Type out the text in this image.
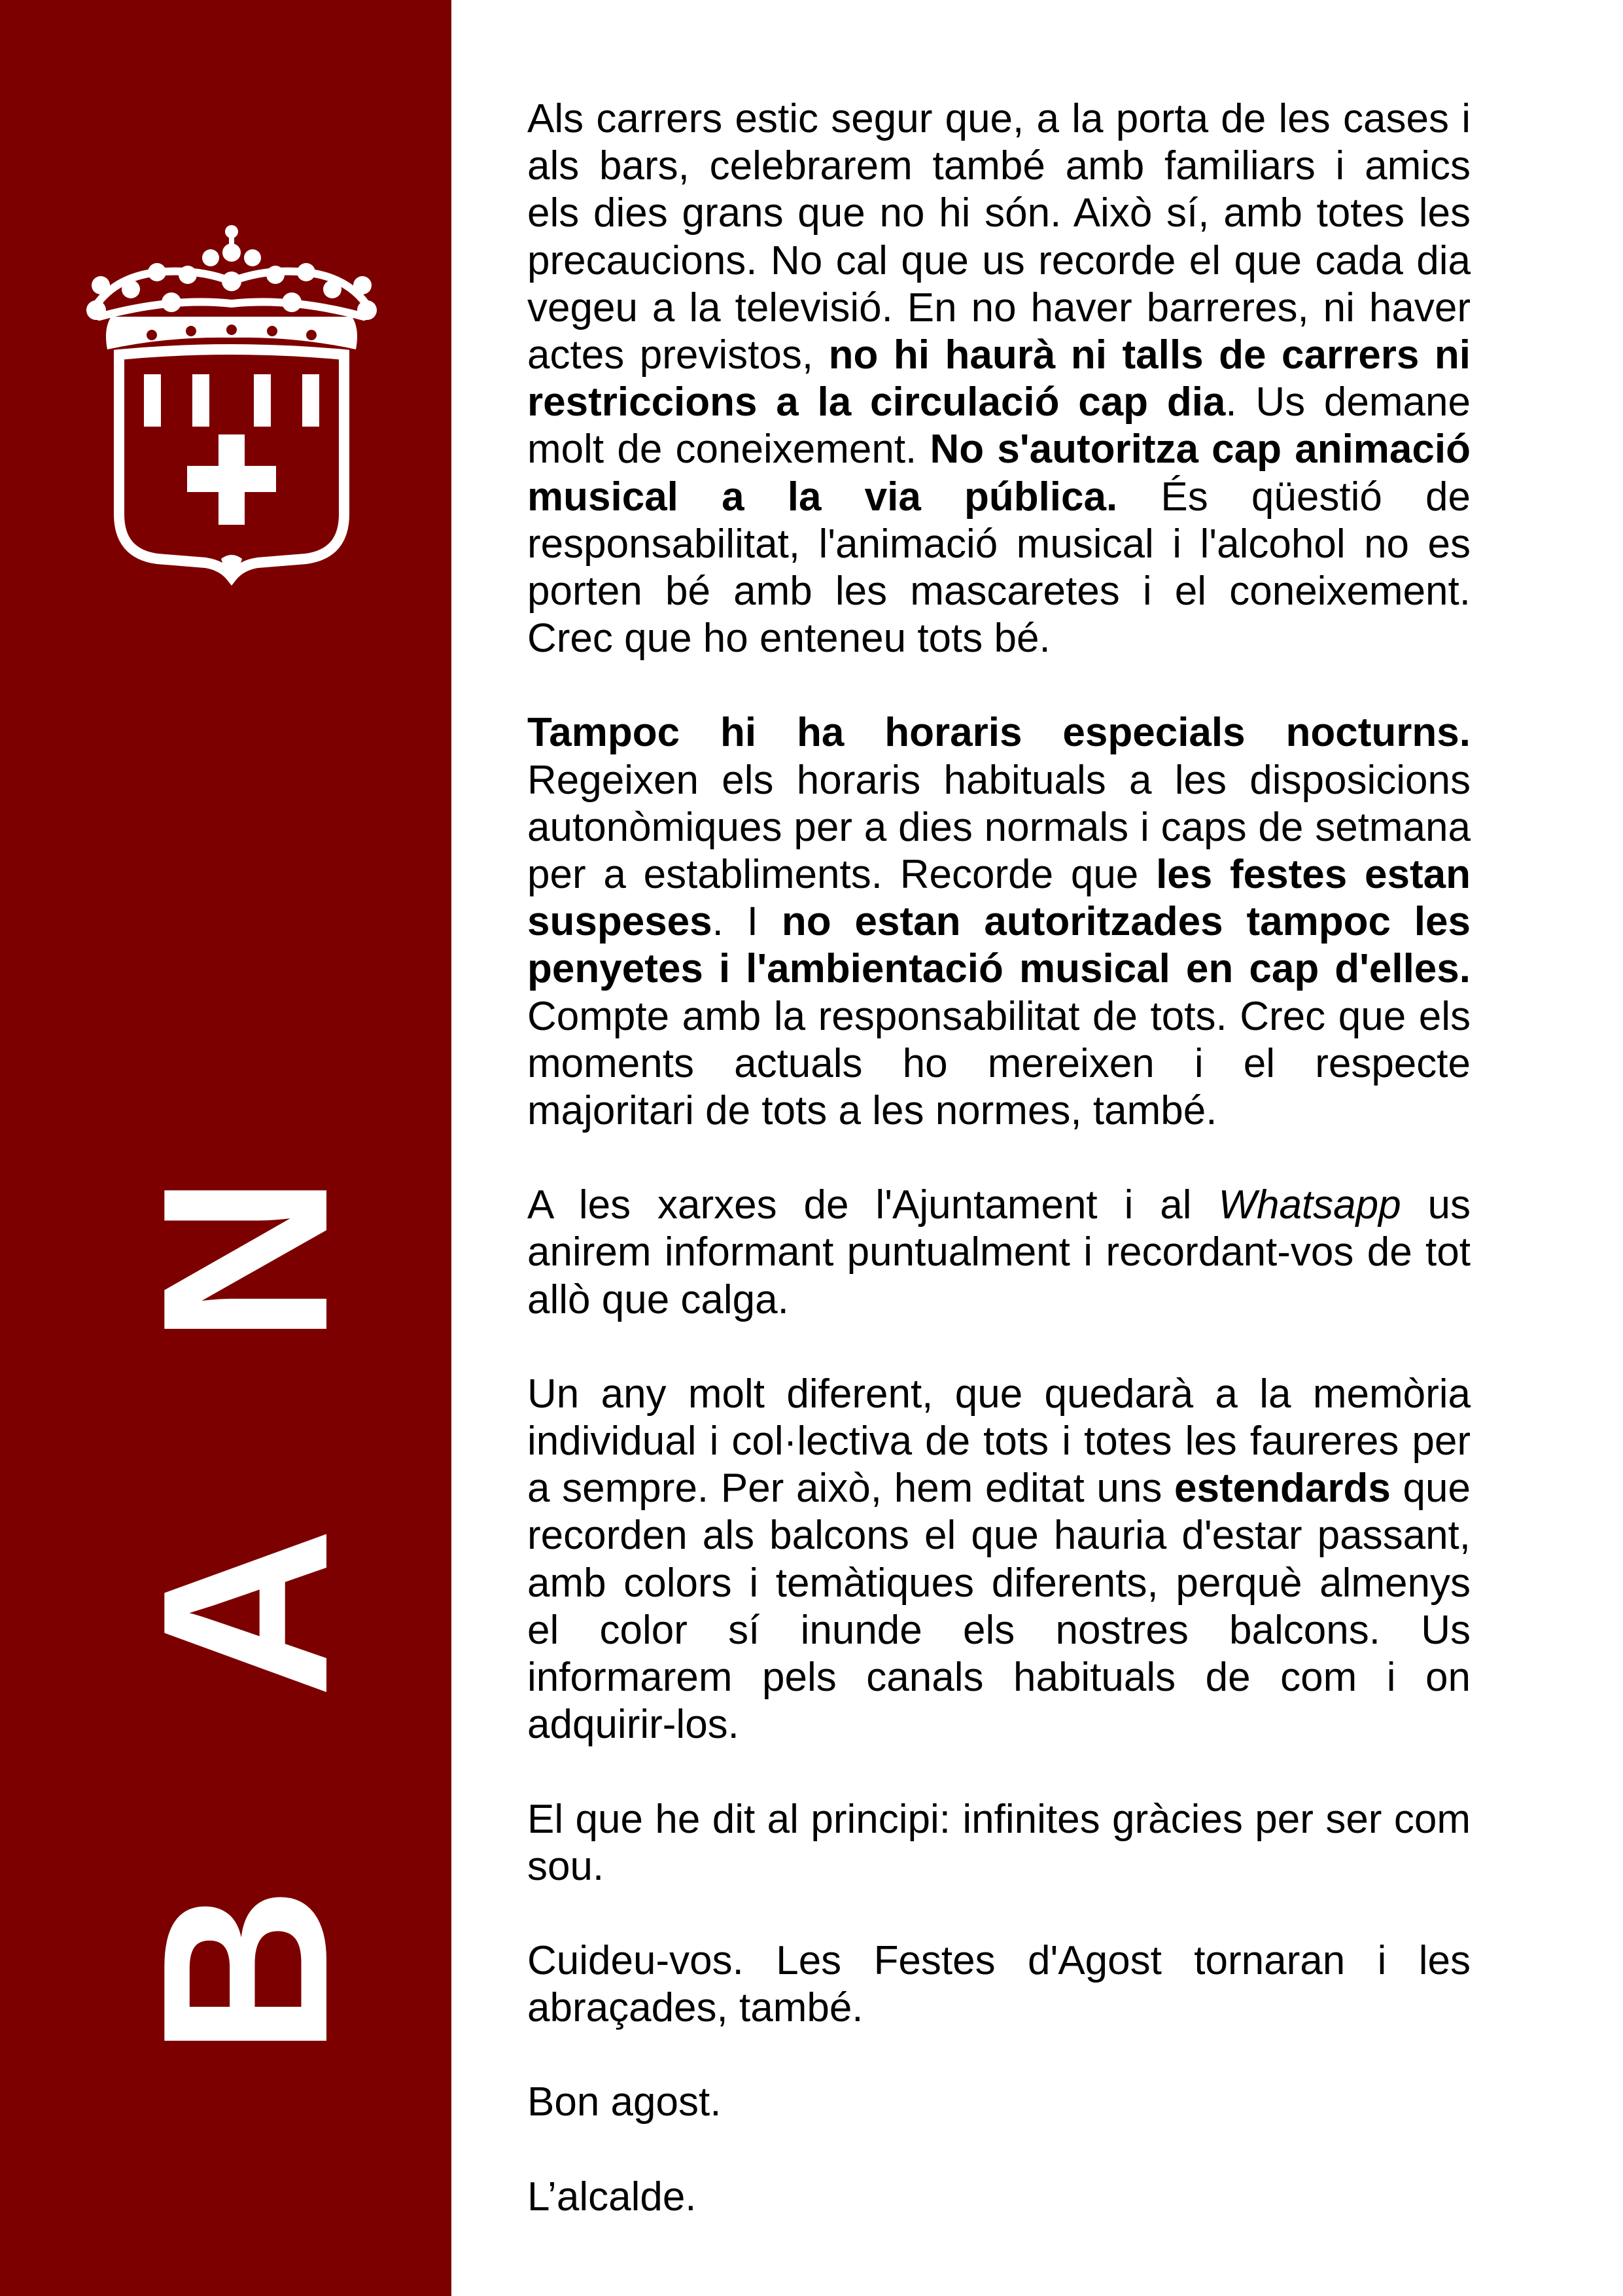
B
A
N

Als carrers estic segur que, a la porta de les cases i als bars, celebrarem també amb familiars i amics els dies grans que no hi són. Això sí, amb totes les precaucions. No cal que us recorde el que cada dia vegeu a la televisió. En no haver barreres, ni haver actes previstos, no hi haurà ni talls de carrers ni restriccions a la circulació cap dia. Us demane molt de coneixement. No s'autoritza cap animació musical a la via pública. És qüestió de responsabilitat, l'animació musical i l'alcohol no es porten bé amb les mascaretes i el coneixement. Crec que ho enteneu tots bé.

Tampoc hi ha horaris especials nocturns. Regeixen els horaris habituals a les disposicions autonòmiques per a dies normals i caps de setmana per a establiments. Recorde que les festes estan suspeses. I no estan autoritzades tampoc les penyetes i l'ambientació musical en cap d'elles. Compte amb la responsabilitat de tots. Crec que els moments actuals ho mereixen i el respecte majoritari de tots a les normes, també.

A les xarxes de l'Ajuntament i al Whatsapp us anirem informant puntualment i recordant-vos de tot allò que calga.

Un any molt diferent, que quedarà a la memòria individual i col·lectiva de tots i totes les faureres per a sempre. Per això, hem editat uns estendards que recorden als balcons el que hauria d'estar passant, amb colors i temàtiques diferents, perquè almenys el color sí inunde els nostres balcons. Us informarem pels canals habituals de com i on adquirir-los.

El que he dit al principi: infinites gràcies per ser com sou.

Cuideu-vos. Les Festes d'Agost tornaran i les abraçades, també.

Bon agost.

L’alcalde.
